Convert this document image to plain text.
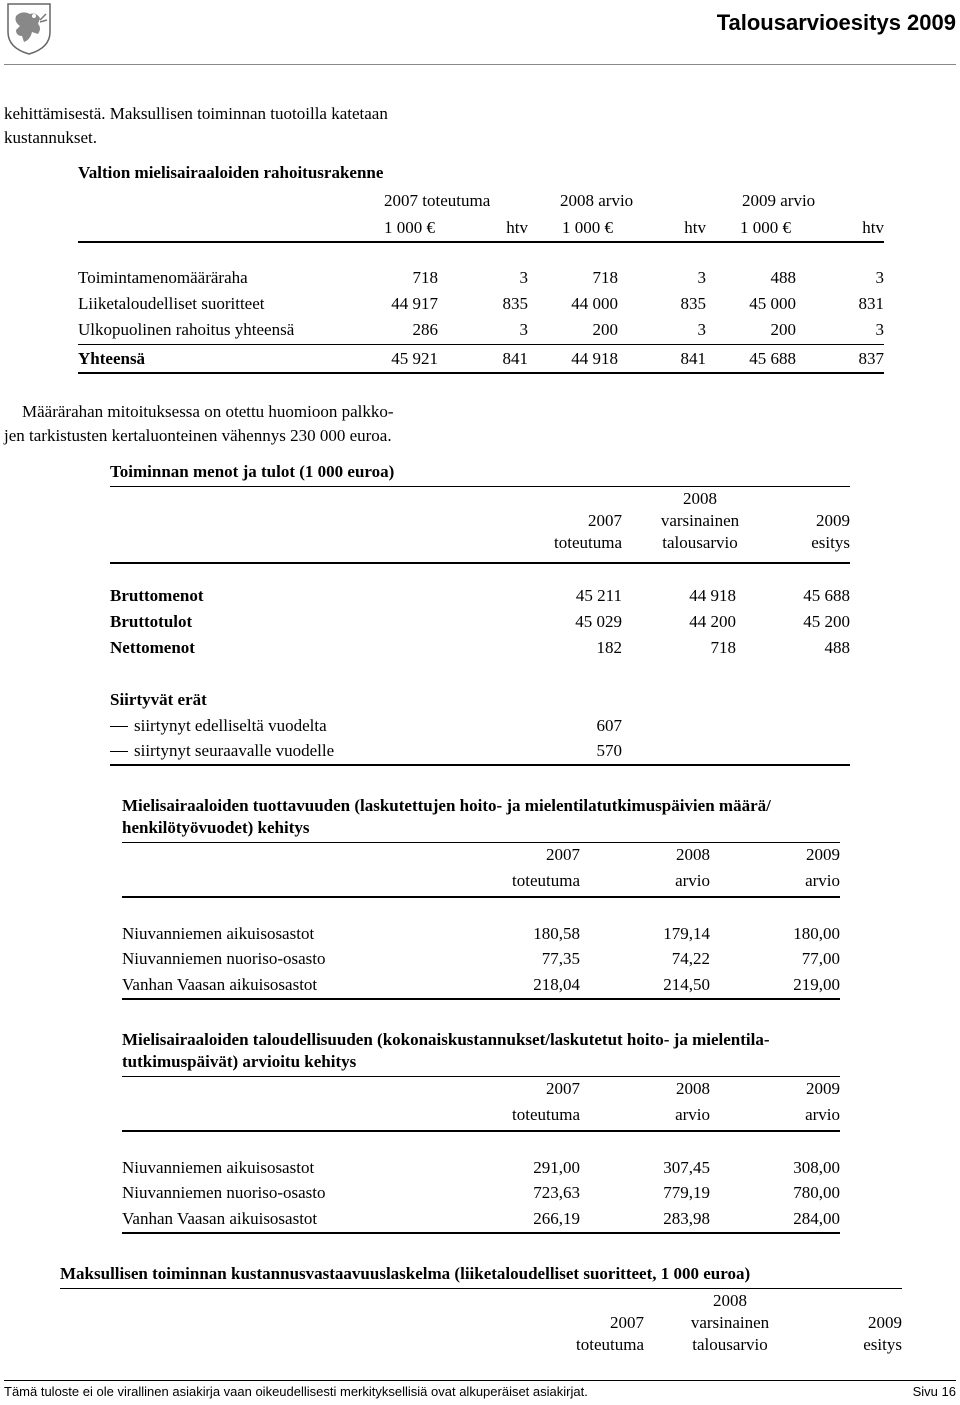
Talousarvioesitys 2009
kehittämisestä. Maksullisen toiminnan tuotoilla katetaan
kustannukset.
Valtion mielisairaaloiden rahoitusrakenne
2007 toteutuma	2008 arvio	2009 arvio
1 000 €	htv 1 000 €	htv 1 000 €	htv
Toimintamenomääräraha	718	3	718	3	488	3
Liiketaloudelliset suoritteet	44 917	835	44 000	835	45 000	831
Ulkopuolinen rahoitus yhteensä	286	3	200	3	200	3
Yhteensä	45 921	841	44 918	841	45 688	837
Määrärahan mitoituksessa on otettu huomioon palkko-
jen tarkistusten kertaluonteinen vähennys 230 000 euroa.
Toiminnan menot ja tulot (1 000 euroa)
2008
2007	varsinainen	2009
toteutuma	talousarvio	esitys
Bruttomenot	45 211	44 918	45 688
Bruttotulot	45 029	44 200	45 200
Nettomenot	182	718	488
Siirtyvät erät
siirtynyt edelliseltä vuodelta	607
siirtynyt seuraavalle vuodelle	570
Mielisairaaloiden tuottavuuden (laskutettujen hoito- ja mielentilatutkimuspäivien määrä/
henkilötyövuodet) kehitys
2007	2008	2009
toteutuma	arvio	arvio
Niuvanniemen aikuisosastot	180,58	179,14	180,00
Niuvanniemen nuoriso-osasto	77,35	74,22	77,00
Vanhan Vaasan aikuisosastot	218,04	214,50	219,00
Mielisairaaloiden taloudellisuuden (kokonaiskustannukset/laskutetut hoito- ja mielentila-
tutkimuspäivät) arvioitu kehitys
2007	2008	2009
toteutuma	arvio	arvio
Niuvanniemen aikuisosastot	291,00	307,45	308,00
Niuvanniemen nuoriso-osasto	723,63	779,19	780,00
Vanhan Vaasan aikuisosastot	266,19	283,98	284,00
Maksullisen toiminnan kustannusvastaavuuslaskelma (liiketaloudelliset suoritteet, 1 000 euroa)
2008
2007	varsinainen	2009
toteutuma	talousarvio	esitys
Tämä tuloste ei ole virallinen asiakirja vaan oikeudellisesti merkityksellisiä ovat alkuperäiset asiakirjat.	Sivu 16
